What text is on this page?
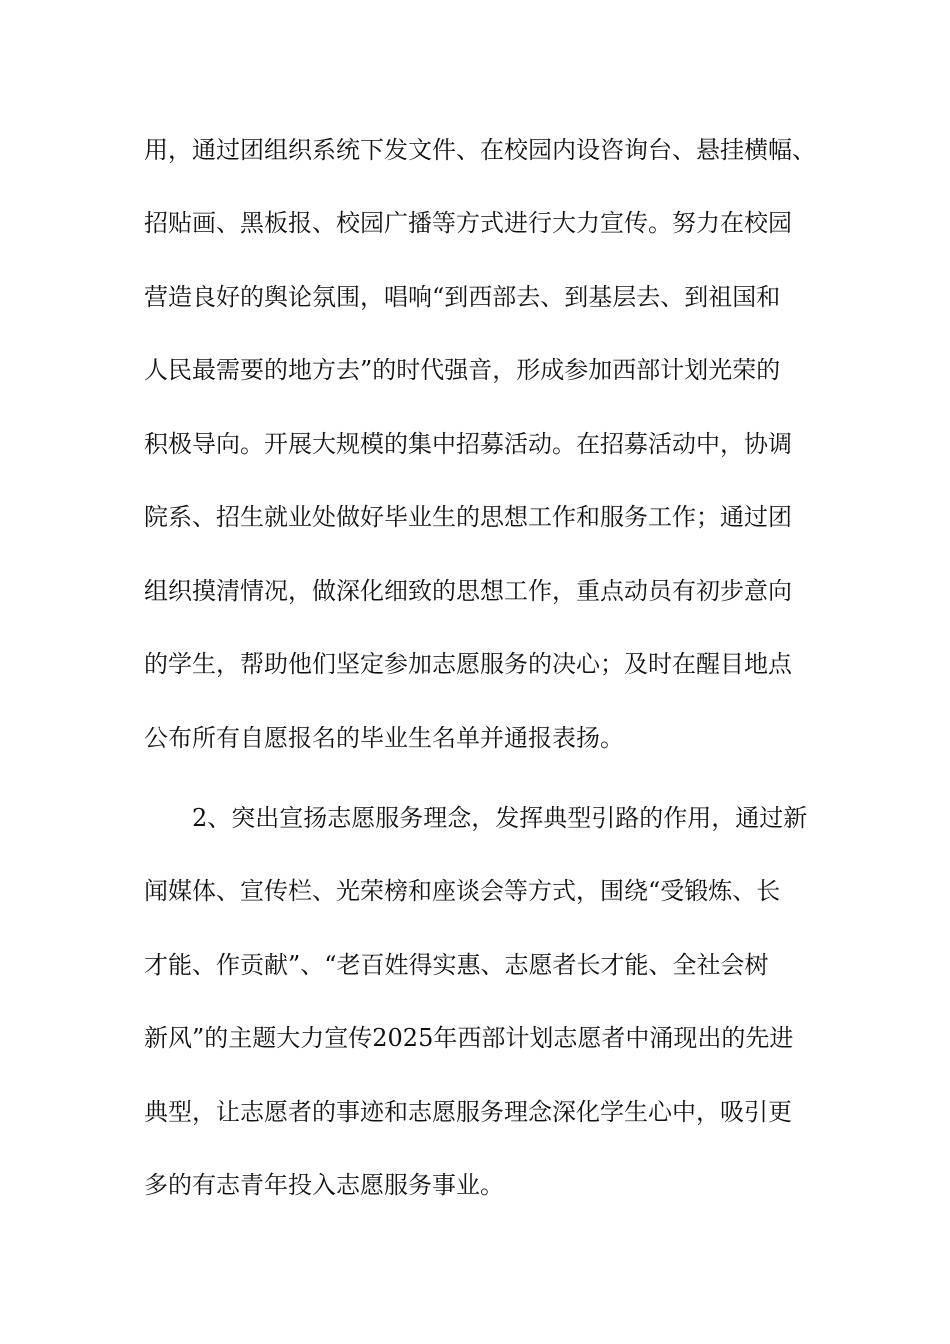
用，通过团组织系统下发文件、在校园内设咨询台、悬挂横幅、
招贴画、黑板报、校园广播等方式进行大力宣传。努力在校园
营造良好的舆论氛围，唱响“到西部去、到基层去、到祖国和
人民最需要的地方去”的时代强音，形成参加西部计划光荣的
积极导向。开展大规模的集中招募活动。在招募活动中，协调
院系、招生就业处做好毕业生的思想工作和服务工作；通过团
组织摸清情况，做深化细致的思想工作，重点动员有初步意向
的学生，帮助他们坚定参加志愿服务的决心；及时在醒目地点
公布所有自愿报名的毕业生名单并通报表扬。
2、突出宣扬志愿服务理念，发挥典型引路的作用，通过新
闻媒体、宣传栏、光荣榜和座谈会等方式，围绕“受锻炼、长
才能、作贡献”、“老百姓得实惠、志愿者长才能、全社会树
新风”的主题大力宣传2025年西部计划志愿者中涌现出的先进
典型，让志愿者的事迹和志愿服务理念深化学生心中，吸引更
多的有志青年投入志愿服务事业。
